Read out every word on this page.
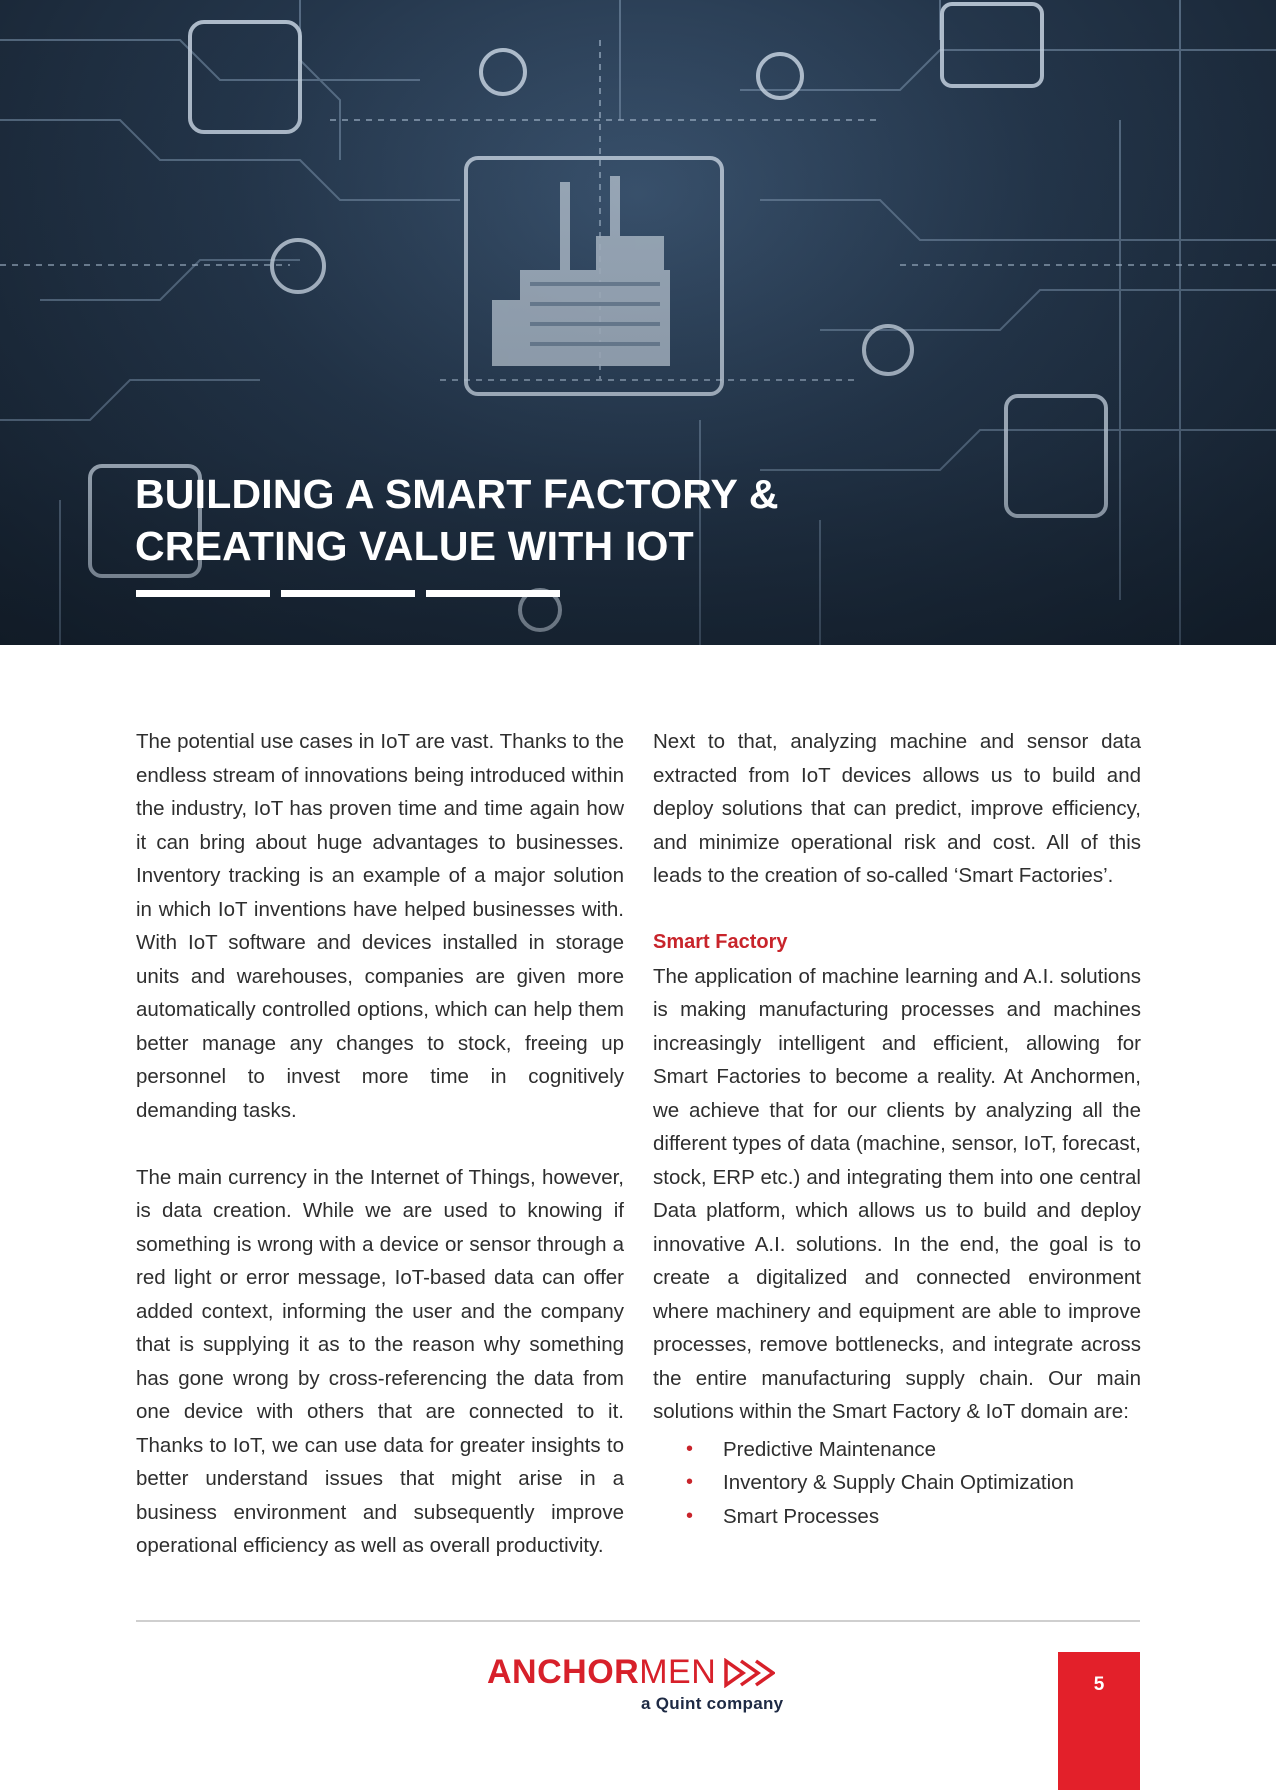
BUILDING A SMART FACTORY &
CREATING VALUE WITH IOT

The potential use cases in IoT are vast. Thanks to the endless stream of innovations being introduced within the industry, IoT has proven time and time again how it can bring about huge advantages to businesses. Inventory tracking is an example of a major solution in which IoT inventions have helped businesses with. With IoT software and devices installed in storage units and warehouses, companies are given more automatically controlled options, which can help them better manage any changes to stock, freeing up personnel to invest more time in cognitively demanding tasks.

The main currency in the Internet of Things, however, is data creation. While we are used to knowing if something is wrong with a device or sensor through a red light or error message, IoT-based data can offer added context, informing the user and the company that is supplying it as to the reason why something has gone wrong by cross-referencing the data from one device with others that are connected to it. Thanks to IoT, we can use data for greater insights to better understand issues that might arise in a business environment and subsequently improve operational efficiency as well as overall productivity.

Next to that, analyzing machine and sensor data extracted from IoT devices allows us to build and deploy solutions that can predict, improve efficiency, and minimize operational risk and cost. All of this leads to the creation of so-called ‘Smart Factories’.

Smart Factory

The application of machine learning and A.I. solutions is making manufacturing processes and machines increasingly intelligent and efficient, allowing for Smart Factories to become a reality. At Anchormen, we achieve that for our clients by analyzing all the different types of data (machine, sensor, IoT, forecast, stock, ERP etc.) and integrating them into one central Data platform, which allows us to build and deploy innovative A.I. solutions. In the end, the goal is to create a digitalized and connected environment where machinery and equipment are able to improve processes, remove bottlenecks, and integrate across the entire manufacturing supply chain. Our main solutions within the Smart Factory & IoT domain are:

• Predictive Maintenance
• Inventory & Supply Chain Optimization
• Smart Processes
ANCHORMEN
a Quint company
5
